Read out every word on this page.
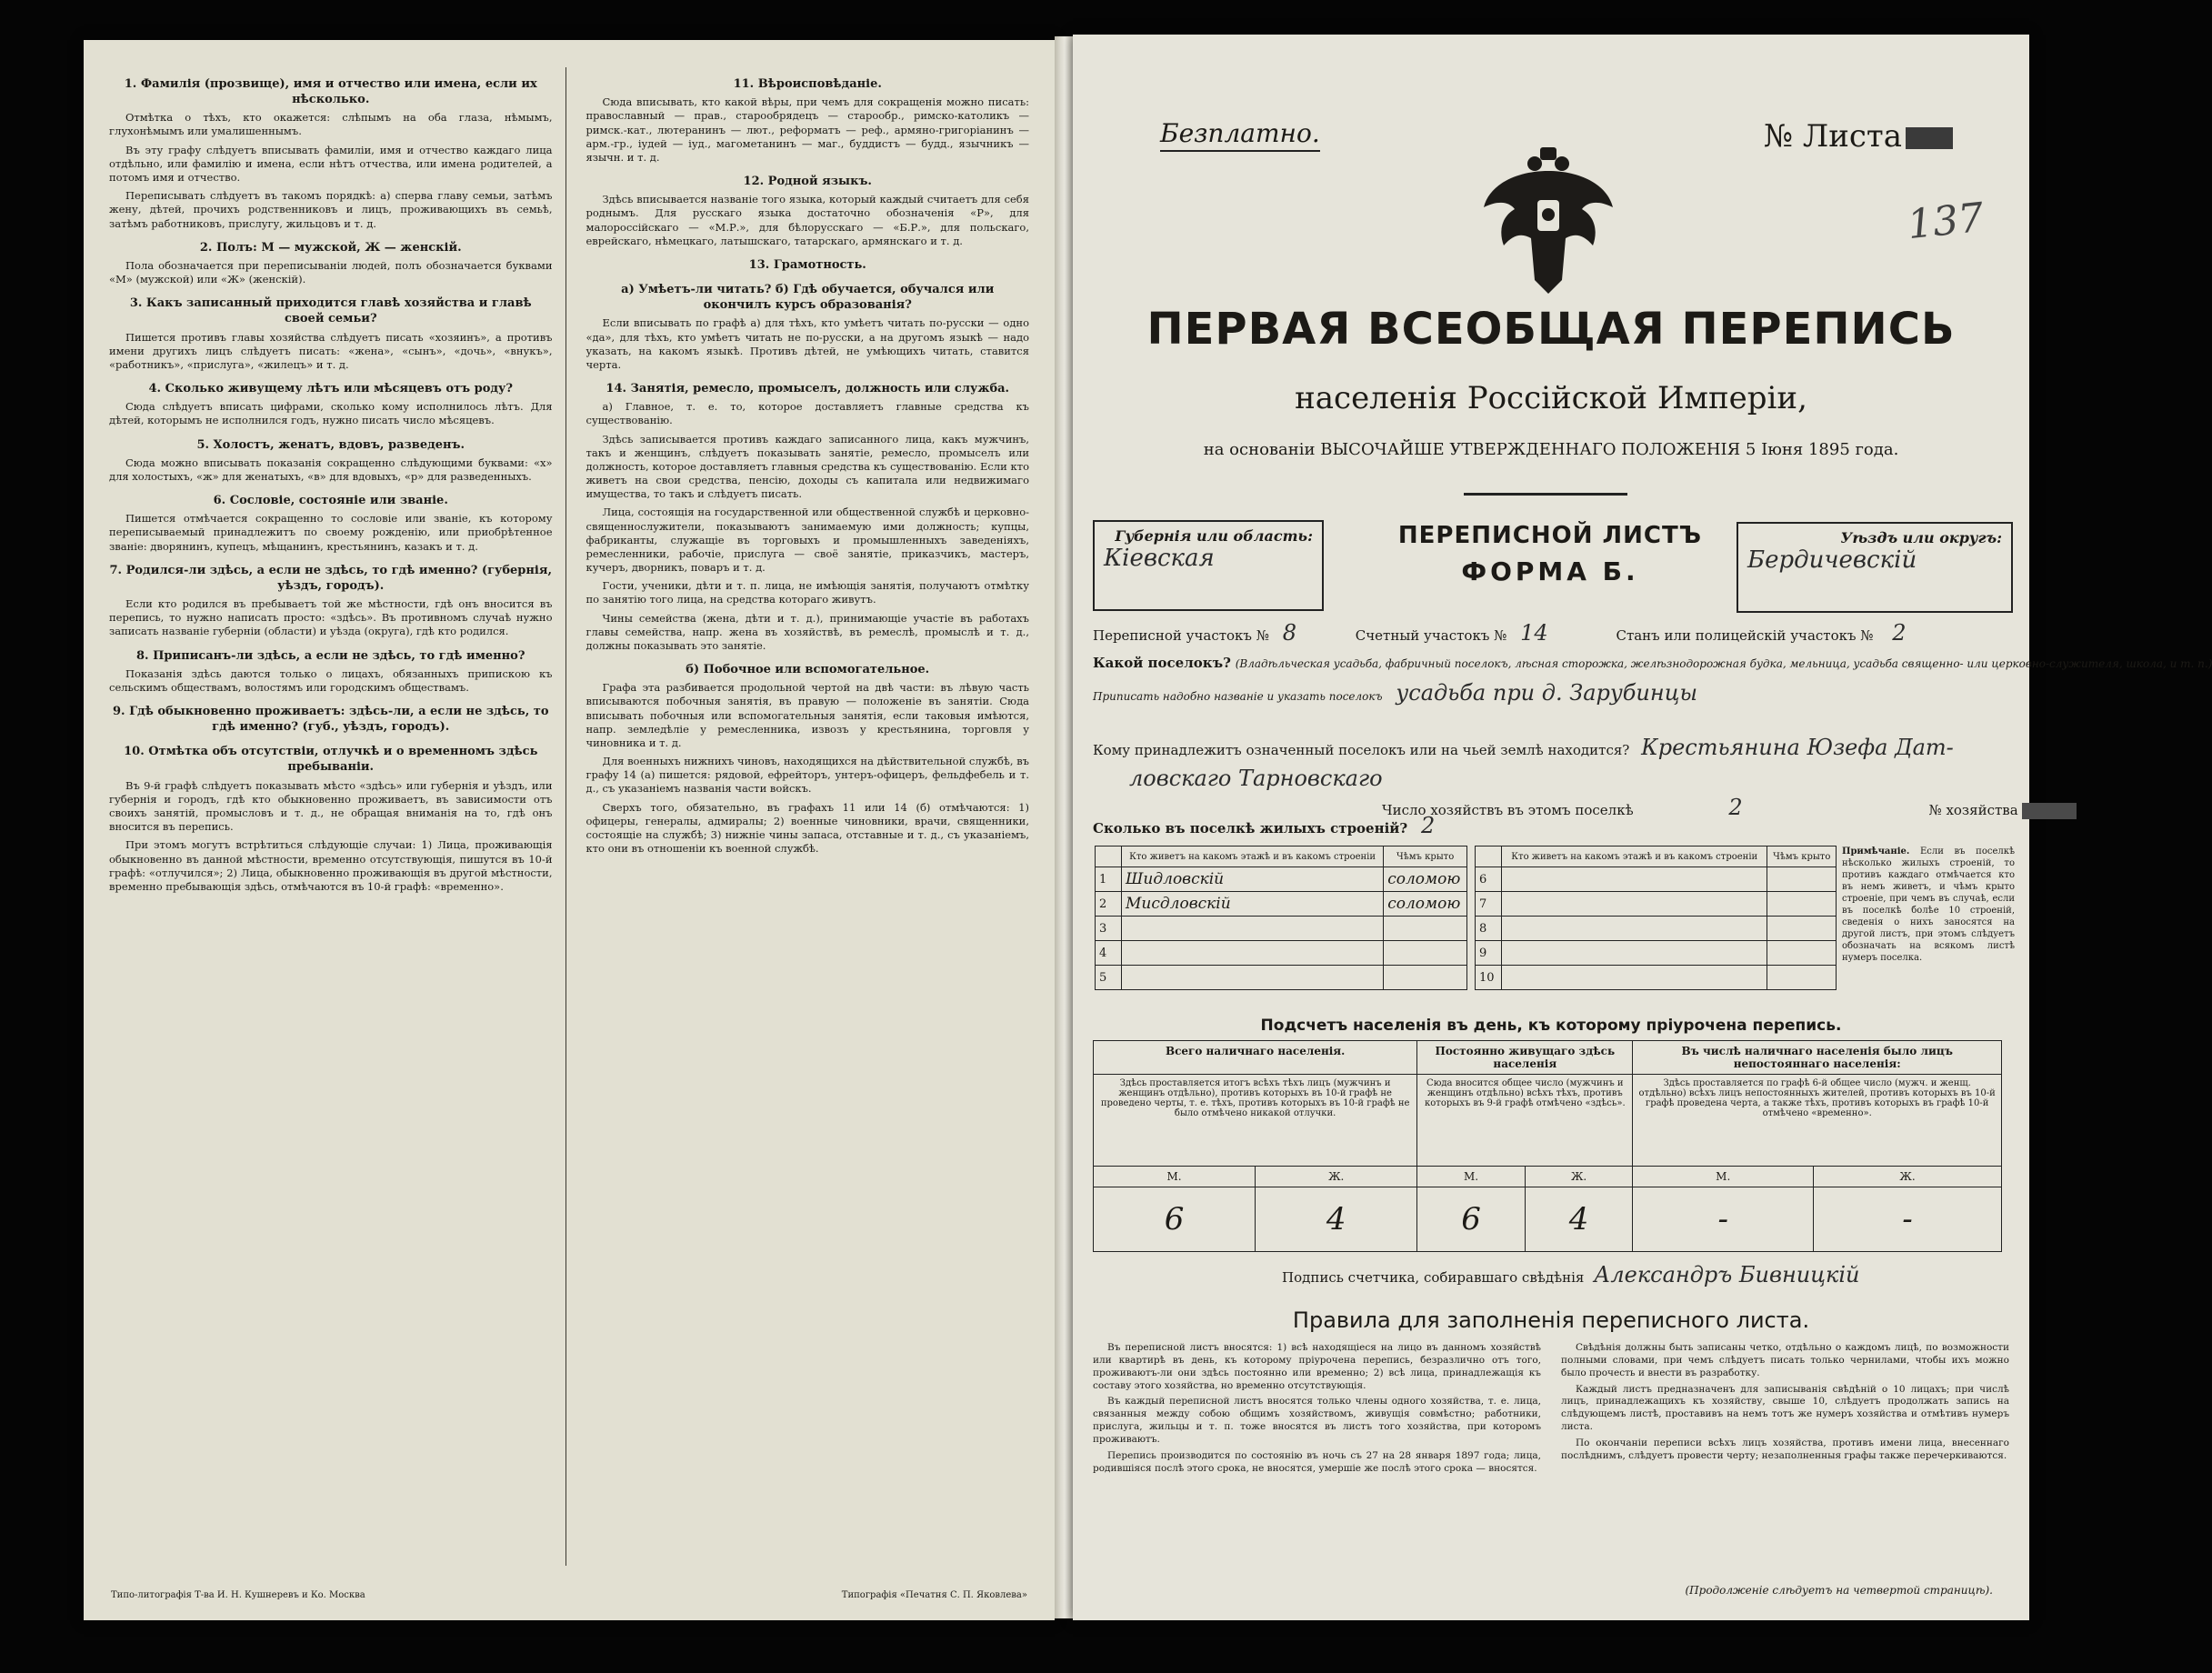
1. Фамилія (прозвище), имя и отчество или имена, если их нѣсколько.

Отмѣтка о тѣхъ, кто окажется: слѣпымъ на оба глаза, нѣмымъ, глухонѣмымъ или умалишеннымъ.

Въ эту графу слѣдуетъ вписывать фамиліи, имя и отчество каждаго лица отдѣльно, или фамилію и имена, если нѣтъ отчества, или имена родителей, а потомъ имя и отчество.

Переписывать слѣдуетъ въ такомъ порядкѣ: а) сперва главу семьи, затѣмъ жену, дѣтей, прочихъ родственниковъ и лицъ, проживающихъ въ семьѣ, затѣмъ работниковъ, прислугу, жильцовъ и т. д.

2. Полъ: М — мужской, Ж — женскій.

Пола обозначается при переписываніи людей, полъ обозначается буквами «М» (мужской) или «Ж» (женскій).

3. Какъ записанный приходится главѣ хозяйства и главѣ своей семьи?

Пишется противъ главы хозяйства слѣдуетъ писать «хозяинъ», а противъ имени другихъ лицъ слѣдуетъ писать: «жена», «сынъ», «дочь», «внукъ», «работникъ», «прислуга», «жилецъ» и т. д.

4. Сколько живущему лѣтъ или мѣсяцевъ отъ роду?

Сюда слѣдуетъ вписать цифрами, сколько кому исполнилось лѣтъ. Для дѣтей, которымъ не исполнился годъ, нужно писать число мѣсяцевъ.

5. Холостъ, женатъ, вдовъ, разведенъ.

Сюда можно вписывать показанія сокращенно слѣдующими буквами: «х» для холостыхъ, «ж» для женатыхъ, «в» для вдовыхъ, «р» для разведенныхъ.

6. Сословіе, состояніе или званіе.

Пишется отмѣчается сокращенно то сословіе или званіе, къ которому переписываемый принадлежитъ по своему рожденію, или приобрѣтенное званіе: дворянинъ, купецъ, мѣщанинъ, крестьянинъ, казакъ и т. д.

7. Родился-ли здѣсь, а если не здѣсь, то гдѣ именно? (губернія, уѣздъ, городъ).

Если кто родился въ пребываетъ той же мѣстности, гдѣ онъ вносится въ перепись, то нужно написать просто: «здѣсь». Въ противномъ случаѣ нужно записать названіе губерніи (области) и уѣзда (округа), гдѣ кто родился.

8. Приписанъ-ли здѣсь, а если не здѣсь, то гдѣ именно?

Показанія здѣсь даются только о лицахъ, обязанныхъ припискою къ сельскимъ обществамъ, волостямъ или городскимъ обществамъ.

9. Гдѣ обыкновенно проживаетъ: здѣсь-ли, а если не здѣсь, то гдѣ именно? (губ., уѣздъ, городъ).
10. Отмѣтка объ отсутствіи, отлучкѣ и о временномъ здѣсь пребываніи.

Въ 9-й графѣ слѣдуетъ показывать мѣсто «здѣсь» или губернія и уѣздъ, или губернія и городъ, гдѣ кто обыкновенно проживаетъ, въ зависимости отъ своихъ занятій, промысловъ и т. д., не обращая вниманія на то, гдѣ онъ вносится въ перепись.

При этомъ могутъ встрѣтиться слѣдующіе случаи: 1) Лица, проживающія обыкновенно въ данной мѣстности, временно отсутствующія, пишутся въ 10-й графѣ: «отлучился»; 2) Лица, обыкновенно проживающія въ другой мѣстности, временно пребывающія здѣсь, отмѣчаются въ 10-й графѣ: «временно».

11. Вѣроисповѣданіе.

Сюда вписывать, кто какой вѣры, при чемъ для сокращенія можно писать: православный — прав., старообрядецъ — старообр., римско-католикъ — римск.-кат., лютеранинъ — лют., реформатъ — реф., армяно-григоріанинъ — арм.-гр., іудей — іуд., магометанинъ — маг., буддистъ — будд., язычникъ — язычн. и т. д.

12. Родной языкъ.

Здѣсь вписывается названіе того языка, который каждый считаетъ для себя роднымъ. Для русскаго языка достаточно обозначенія «Р», для малороссійскаго — «М.Р.», для бѣлорусскаго — «Б.Р.», для польскаго, еврейскаго, нѣмецкаго, латышскаго, татарскаго, армянскаго и т. д.

13. Грамотность.
а) Умѣетъ-ли читать? б) Гдѣ обучается, обучался или окончилъ курсъ образованія?

Если вписывать по графѣ а) для тѣхъ, кто умѣетъ читать по-русски — одно «да», для тѣхъ, кто умѣетъ читать не по-русски, а на другомъ языкѣ — надо указать, на какомъ языкѣ. Противъ дѣтей, не умѣющихъ читать, ставится черта.

14. Занятія, ремесло, промыселъ, должность или служба.

а) Главное, т. е. то, которое доставляетъ главные средства къ существованію.

Здѣсь записывается противъ каждаго записанного лица, какъ мужчинъ, такъ и женщинъ, слѣдуетъ показывать занятіе, ремесло, промыселъ или должность, которое доставляетъ главныя средства къ существованію. Если кто живетъ на свои средства, пенсію, доходы съ капитала или недвижимаго имущества, то такъ и слѣдуетъ писать.

Лица, состоящія на государственной или общественной службѣ и церковно-священнослужители, показываютъ занимаемую ими должность; купцы, фабриканты, служащіе въ торговыхъ и промышленныхъ заведеніяхъ, ремесленники, рабочіе, прислуга — своё занятіе, приказчикъ, мастеръ, кучеръ, дворникъ, поваръ и т. д.

Гости, ученики, дѣти и т. п. лица, не имѣющія занятія, получаютъ отмѣтку по занятію того лица, на средства котораго живутъ.

Чины семейства (жена, дѣти и т. д.), принимающіе участіе въ работахъ главы семейства, напр. жена въ хозяйствѣ, въ ремеслѣ, промыслѣ и т. д., должны показывать это занятіе.

б) Побочное или вспомогательное.

Графа эта разбивается продольной чертой на двѣ части: въ лѣвую часть вписываются побочныя занятія, въ правую — положеніе въ занятіи. Сюда вписывать побочныя или вспомогательныя занятія, если таковыя имѣются, напр. земледѣліе у ремесленника, извозъ у крестьянина, торговля у чиновника и т. д.

Для военныхъ нижнихъ чиновъ, находящихся на дѣйствительной службѣ, въ графу 14 (а) пишется: рядовой, ефрейторъ, унтеръ-офицеръ, фельдфебель и т. д., съ указаніемъ названія части войскъ.

Сверхъ того, обязательно, въ графахъ 11 или 14 (б) отмѣчаются: 1) офицеры, генералы, адмиралы; 2) военные чиновники, врачи, священники, состоящіе на службѣ; 3) нижніе чины запаса, отставные и т. д., съ указаніемъ, кто они въ отношеніи къ военной службѣ.

Типо-литографія Т-ва И. Н. Кушнеревъ и Ко. Москва	Типографія «Печатня С. П. Яковлева»
Безплатно.	№ Листа
137
ПЕРВАЯ ВСЕОБЩАЯ ПЕРЕПИСЬ
населенія Россійской Имперіи,
на основаніи ВЫСОЧАЙШЕ УТВЕРЖДЕННАГО ПОЛОЖЕНІЯ 5 Іюня 1895 года.
Губернія или область:
Кіевская
ПЕРЕПИСНОЙ ЛИСТЪ
ФОРМА Б.
Уѣздъ или округъ:
Бердичевскій
Переписной участокъ № 8	Счетный участокъ № 14	Станъ или полицейскій участокъ № 2
Какой поселокъ? (Владѣльческая усадьба, фабричный поселокъ, лѣсная сторожка, желѣзнодорожная будка, мельница, усадьба священно- или церковно-служителя, школа, и т. п.)
Приписать надобно названіе и указать поселокъ усадьба при д. Зарубинцы
Кому принадлежитъ означенный поселокъ или на чьей землѣ находится? Крестьянина Юзефа Дат-
ловскаго Тарновскаго
Число хозяйствъ въ этомъ поселкѣ	2	№ хозяйства
Сколько въ поселкѣ жилыхъ строеній? 2
	Кто живетъ на какомъ этажѣ и въ какомъ строеніи	Чѣмъ крыто
1	Шидловскій	соломою
2	Мисдловскій	соломою
3		
4		
5		
	Кто живетъ на какомъ этажѣ и въ какомъ строеніи	Чѣмъ крыто
6		
7		
8		
9		
10		
Примѣчаніе. Если въ поселкѣ нѣсколько жилыхъ строеній, то противъ каждаго отмѣчается кто въ немъ живетъ, и чѣмъ крыто строеніе, при чемъ въ случаѣ, если въ поселкѣ болѣе 10 строеній, сведенія о нихъ заносятся на другой листъ, при этомъ слѣдуетъ обозначать на всякомъ листѣ нумеръ поселка.
Подсчетъ населенія въ день, къ которому пріурочена перепись.
Всего наличнаго населенія.		Постоянно живущаго здѣсь населенія		Въ числѣ наличнаго населенія было лицъ непостояннаго населенія:	
Здѣсь проставляется итогъ всѣхъ тѣхъ лицъ (мужчинъ и женщинъ отдѣльно), противъ которыхъ въ 10-й графѣ не проведено черты, т. е. тѣхъ, противъ которыхъ въ 10-й графѣ не было отмѣчено никакой отлучки.		Сюда вносится общее число (мужчинъ и женщинъ отдѣльно) всѣхъ тѣхъ, противъ которыхъ въ 9-й графѣ отмѣчено «здѣсь».		Здѣсь проставляется по графѣ 6-й общее число (мужч. и женщ. отдѣльно) всѣхъ лицъ непостоянныхъ жителей, противъ которыхъ въ 10-й графѣ проведена черта, а также тѣхъ, противъ которыхъ въ графѣ 10-й отмѣчено «временно».	
М.	Ж.	М.	Ж.	М.	Ж.
6	4	6	4	-	-
Подпись счетчика, собиравшаго свѣдѣнія Александръ Бивницкій
Правила для заполненія переписного листа.

Въ переписной листъ вносятся: 1) всѣ находящіеся на лицо въ данномъ хозяйствѣ или квартирѣ въ день, къ которому пріурочена перепись, безразлично отъ того, проживаютъ-ли они здѣсь постоянно или временно; 2) всѣ лица, принадлежащія къ составу этого хозяйства, но временно отсутствующія.

Въ каждый переписной листъ вносятся только члены одного хозяйства, т. е. лица, связанныя между собою общимъ хозяйствомъ, живущія совмѣстно; работники, прислуга, жильцы и т. п. тоже вносятся въ листъ того хозяйства, при которомъ проживаютъ.

Перепись производится по состоянію въ ночь съ 27 на 28 января 1897 года; лица, родившіяся послѣ этого срока, не вносятся, умершіе же послѣ этого срока — вносятся.

Свѣдѣнія должны быть записаны четко, отдѣльно о каждомъ лицѣ, по возможности полными словами, при чемъ слѣдуетъ писать только чернилами, чтобы ихъ можно было прочесть и внести въ разработку.

Каждый листъ предназначенъ для записыванія свѣдѣній о 10 лицахъ; при числѣ лицъ, принадлежащихъ къ хозяйству, свыше 10, слѣдуетъ продолжать запись на слѣдующемъ листѣ, проставивъ на немъ тотъ же нумеръ хозяйства и отмѣтивъ нумеръ листа.

По окончаніи переписи всѣхъ лицъ хозяйства, противъ имени лица, внесеннаго послѣднимъ, слѣдуетъ провести черту; незаполненныя графы также перечеркиваются.

(Продолженіе слѣдуетъ на четвертой страницѣ).
